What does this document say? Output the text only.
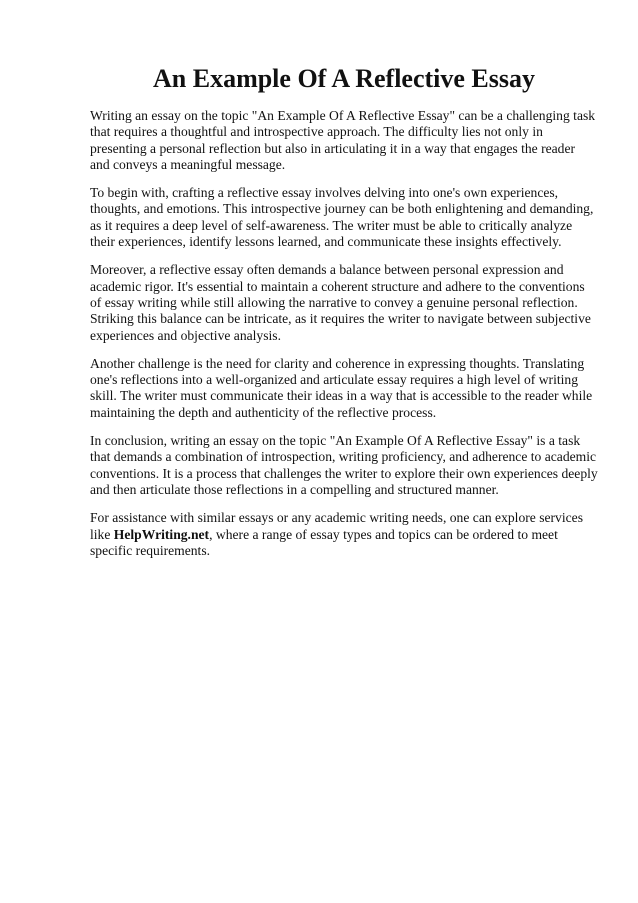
An Example Of A Reflective Essay

Writing an essay on the topic "An Example Of A Reflective Essay" can be a challenging task that requires a thoughtful and introspective approach. The difficulty lies not only in presenting a personal reflection but also in articulating it in a way that engages the reader and conveys a meaningful message.

To begin with, crafting a reflective essay involves delving into one's own experiences, thoughts, and emotions. This introspective journey can be both enlightening and demanding, as it requires a deep level of self-awareness. The writer must be able to critically analyze their experiences, identify lessons learned, and communicate these insights effectively.

Moreover, a reflective essay often demands a balance between personal expression and academic rigor. It's essential to maintain a coherent structure and adhere to the conventions of essay writing while still allowing the narrative to convey a genuine personal reflection. Striking this balance can be intricate, as it requires the writer to navigate between subjective experiences and objective analysis.

Another challenge is the need for clarity and coherence in expressing thoughts. Translating one's reflections into a well-organized and articulate essay requires a high level of writing skill. The writer must communicate their ideas in a way that is accessible to the reader while maintaining the depth and authenticity of the reflective process.

In conclusion, writing an essay on the topic "An Example Of A Reflective Essay" is a task that demands a combination of introspection, writing proficiency, and adherence to academic conventions. It is a process that challenges the writer to explore their own experiences deeply and then articulate those reflections in a compelling and structured manner.

For assistance with similar essays or any academic writing needs, one can explore services like HelpWriting.net, where a range of essay types and topics can be ordered to meet specific requirements.
